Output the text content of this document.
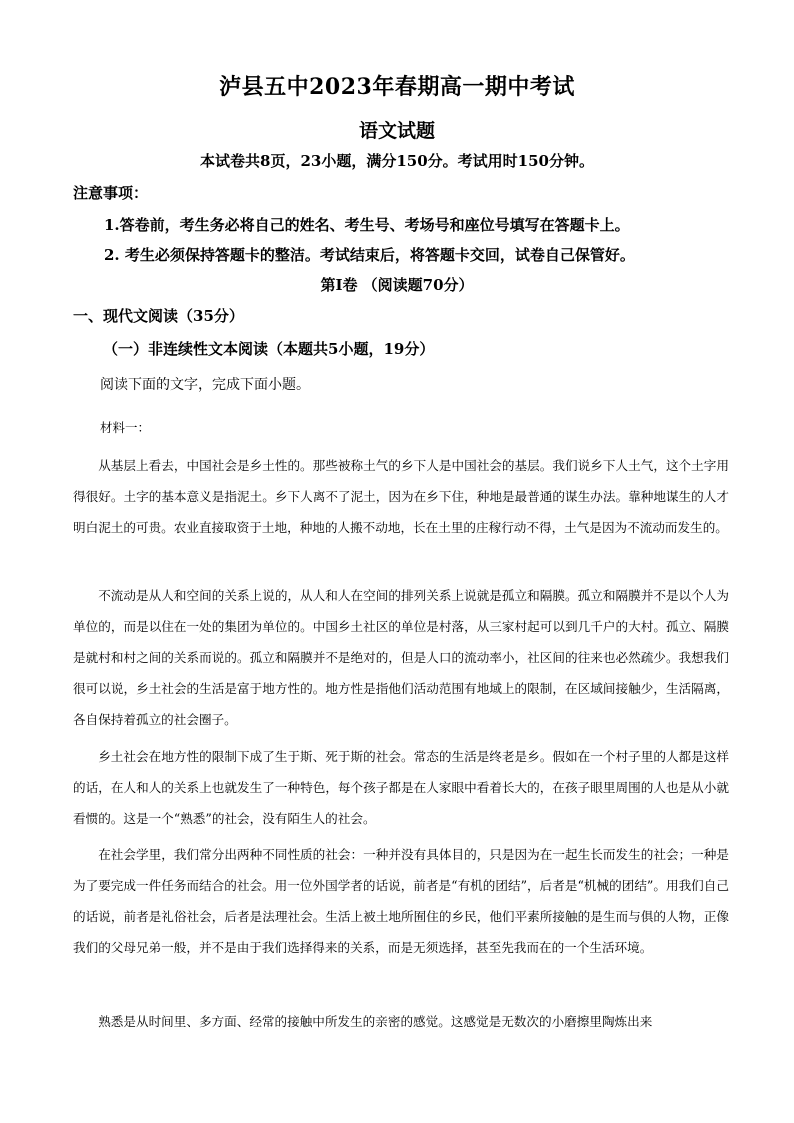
泸县五中2023年春期高一期中考试
语文试题
本试卷共8页，23小题，满分150分。考试用时150分钟。
注意事项：
1.答卷前，考生务必将自己的姓名、考生号、考场号和座位号填写在答题卡上。
2. 考生必须保持答题卡的整洁。考试结束后，将答题卡交回，试卷自己保管好。
第Ⅰ卷 （阅读题70分）
一、现代文阅读（35分）
（一）非连续性文本阅读（本题共5小题，19分）
阅读下面的文字，完成下面小题。
材料一：
从基层上看去，中国社会是乡土性的。那些被称土气的乡下人是中国社会的基层。我们说乡下人土气，这个土字用得很好。土字的基本意义是指泥土。乡下人离不了泥土，因为在乡下住，种地是最普通的谋生办法。靠种地谋生的人才明白泥土的可贵。农业直接取资于土地，种地的人搬不动地，长在土里的庄稼行动不得，土气是因为不流动而发生的。
不流动是从人和空间的关系上说的，从人和人在空间的排列关系上说就是孤立和隔膜。孤立和隔膜并不是以个人为单位的，而是以住在一处的集团为单位的。中国乡土社区的单位是村落，从三家村起可以到几千户的大村。孤立、隔膜是就村和村之间的关系而说的。孤立和隔膜并不是绝对的，但是人口的流动率小，社区间的往来也必然疏少。我想我们很可以说，乡土社会的生活是富于地方性的。地方性是指他们活动范围有地域上的限制，在区域间接触少，生活隔离，各自保持着孤立的社会圈子。
乡土社会在地方性的限制下成了生于斯、死于斯的社会。常态的生活是终老是乡。假如在一个村子里的人都是这样的话，在人和人的关系上也就发生了一种特色，每个孩子都是在人家眼中看着长大的，在孩子眼里周围的人也是从小就看惯的。这是一个“熟悉”的社会，没有陌生人的社会。
在社会学里，我们常分出两种不同性质的社会：一种并没有具体目的，只是因为在一起生长而发生的社会；一种是为了要完成一件任务而结合的社会。用一位外国学者的话说，前者是“有机的团结”，后者是“机械的团结”。用我们自己的话说，前者是礼俗社会，后者是法理社会。生活上被土地所囿住的乡民，他们平素所接触的是生而与俱的人物，正像我们的父母兄弟一般，并不是由于我们选择得来的关系，而是无须选择，甚至先我而在的一个生活环境。
熟悉是从时间里、多方面、经常的接触中所发生的亲密的感觉。这感觉是无数次的小磨擦里陶炼出来
